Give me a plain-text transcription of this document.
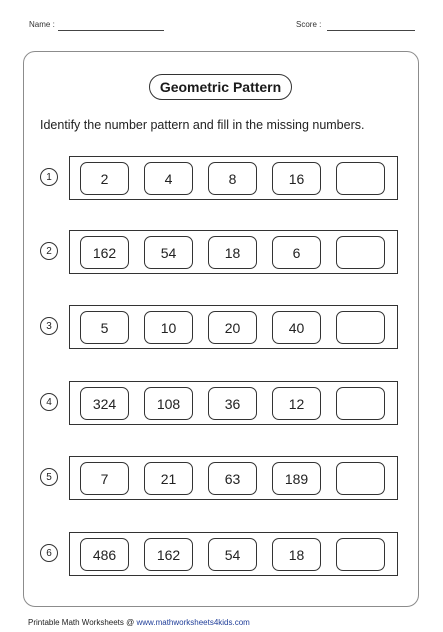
Name :	Score :
Geometric Pattern
Identify the number pattern and fill in the missing numbers.
1	2	4	8	16
2	162	54	18	6
3	5	10	20	40
4	324	108	36	12
5	7	21	63	189
6	486	162	54	18
Printable Math Worksheets @ www.mathworksheets4kids.com
